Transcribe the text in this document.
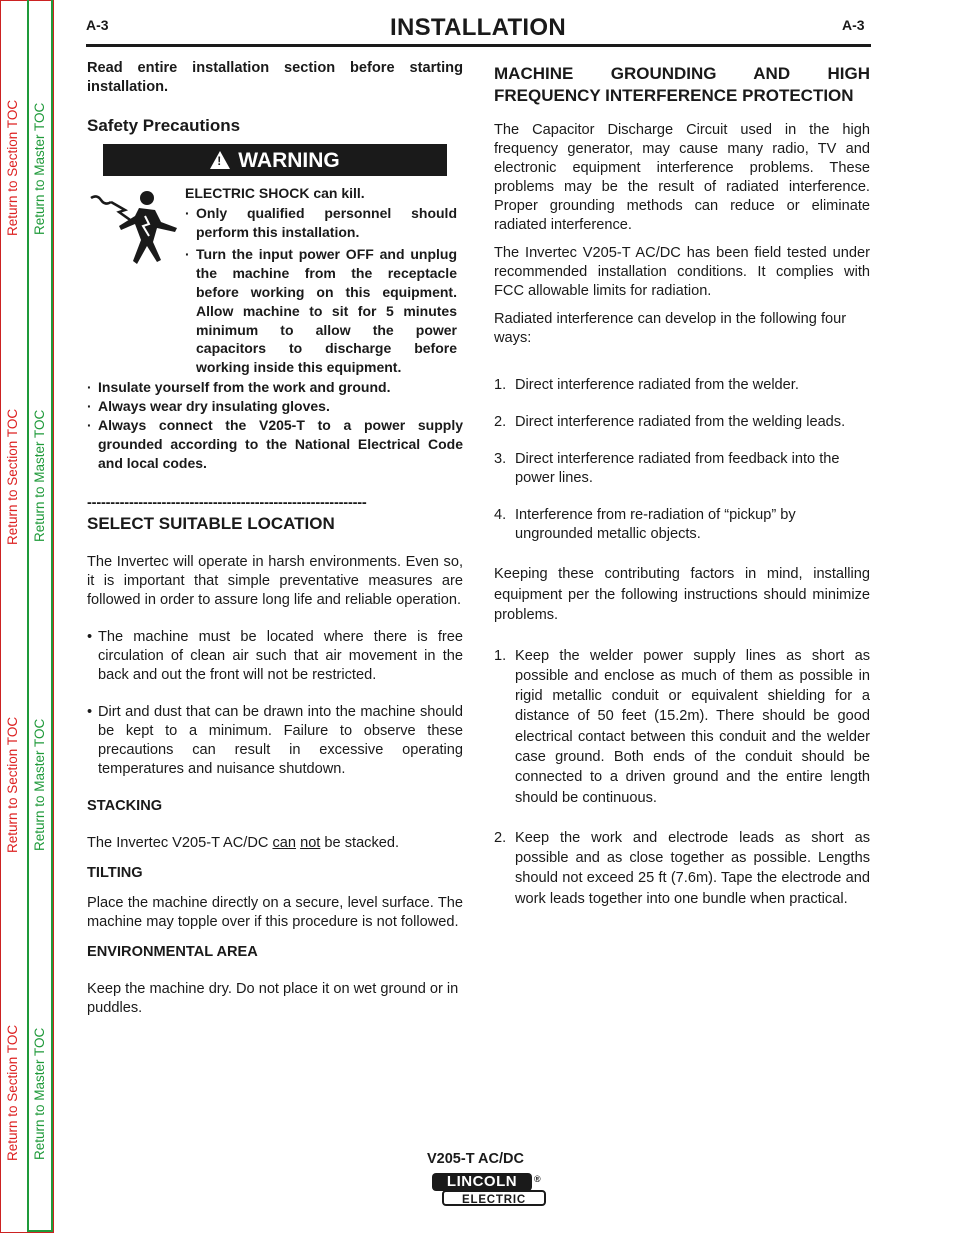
Return to Section TOC
Return to Section TOC
Return to Section TOC
Return to Section TOC
Return to Master TOC
Return to Master TOC
Return to Master TOC
Return to Master TOC
A-3	INSTALLATION	A-3

Read entire installation section before starting installation.

Safety Precautions
! WARNING
ELECTRIC SHOCK can kill.
· Only qualified personnel should perform this installation.
· Turn the input power OFF and unplug the machine from the receptacle before working on this equipment. Allow machine to sit for 5 minutes minimum to allow the power capacitors to discharge before working inside this equipment.
· Insulate yourself from the work and ground.
· Always wear dry insulating gloves.
· Always connect the V205-T to a power supply grounded according to the National Electrical Code and local codes.
------------------------------------------------------------
SELECT SUITABLE LOCATION

The Invertec will operate in harsh environments. Even so, it is important that simple preventative measures are followed in order to assure long life and reliable operation.

• The machine must be located where there is free circulation of clean air such that air movement in the back and out the front will not be restricted.
• Dirt and dust that can be drawn into the machine should be kept to a minimum. Failure to observe these precautions can result in excessive operating temperatures and nuisance shutdown.
STACKING

The Invertec V205-T AC/DC can not be stacked.

TILTING

Place the machine directly on a secure, level surface. The machine may topple over if this procedure is not followed.

ENVIRONMENTAL AREA

Keep the machine dry. Do not place it on wet ground or in puddles.

MACHINE GROUNDING AND HIGH FREQUENCY INTERFERENCE PROTECTION

The Capacitor Discharge Circuit used in the high frequency generator, may cause many radio, TV and electronic equipment interference problems. These problems may be the result of radiated interference. Proper grounding methods can reduce or eliminate radiated interference.

The Invertec V205-T AC/DC has been field tested under recommended installation conditions. It complies with FCC allowable limits for radiation.

Radiated interference can develop in the following four ways:

1. Direct interference radiated from the welder.
2. Direct interference radiated from the welding leads.
3. Direct interference radiated from feedback into the power lines.
4. Interference from re-radiation of “pickup” by ungrounded metallic objects.

Keeping these contributing factors in mind, installing equipment per the following instructions should minimize problems.

1. Keep the welder power supply lines as short as possible and enclose as much of them as possible in rigid metallic conduit or equivalent shielding for a distance of 50 feet (15.2m). There should be good electrical contact between this conduit and the welder case ground. Both ends of the conduit should be connected to a driven ground and the entire length should be continuous.
2. Keep the work and electrode leads as short as possible and as close together as possible. Lengths should not exceed 25 ft (7.6m). Tape the electrode and work leads together into one bundle when practical.
V205-T AC/DC
LINCOLN
ELECTRIC
®
